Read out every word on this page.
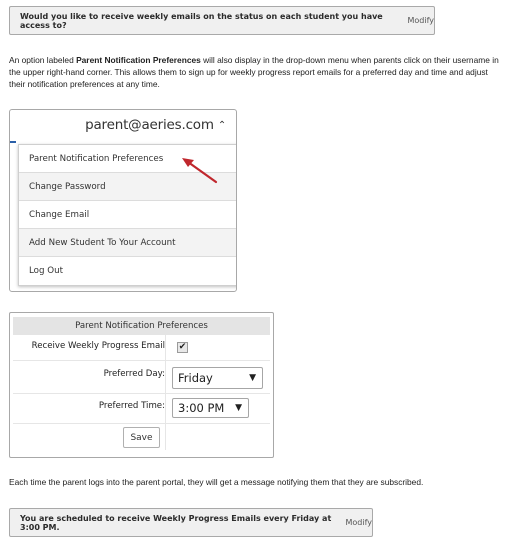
Would you like to receive weekly emails on the status on each student you have access to?	Modify
An option labeled Parent Notification Preferences will also display in the drop-down menu when parents click on their username in the upper right-hand corner. This allows them to sign up for weekly progress report emails for a preferred day and time and adjust their notification preferences at any time.
parent@aeries.com ⌃
Parent Notification Preferences
Change Password
Change Email
Add New Student To Your Account
Log Out
Parent Notification Preferences
Receive Weekly Progress Email ✔
Preferred Day: Friday	▼
Preferred Time: 3:00 PM ▼
Save
Each time the parent logs into the parent portal, they will get a message notifying them that they are subscribed.
You are scheduled to receive Weekly Progress Emails every Friday at 3:00 PM.	Modify
